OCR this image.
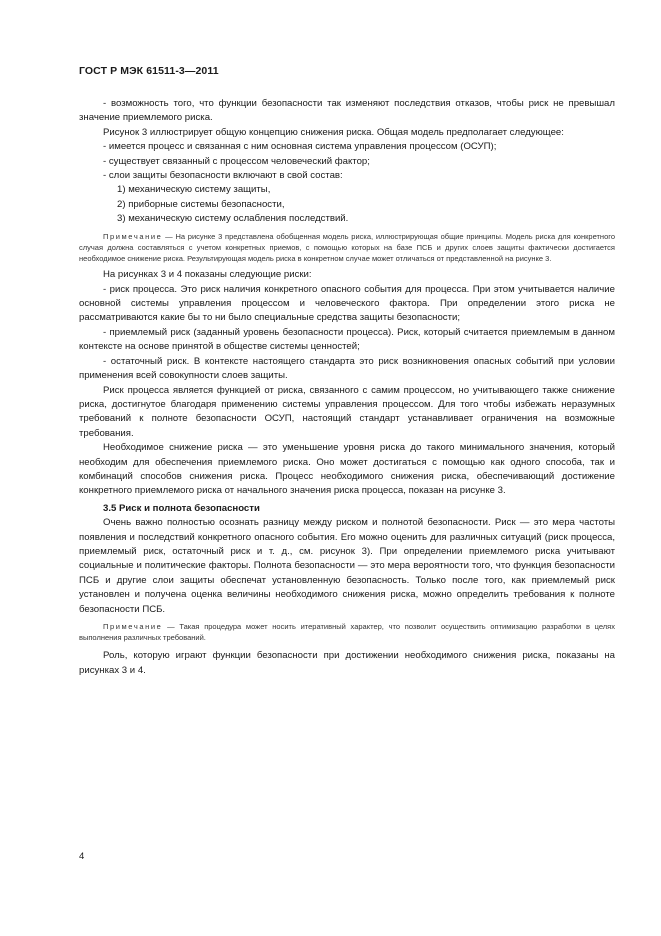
ГОСТ Р МЭК 61511-3—2011

- возможность того, что функции безопасности так изменяют последствия отказов, чтобы риск не превышал значение приемлемого риска.

Рисунок 3 иллюстрирует общую концепцию снижения риска. Общая модель предполагает следующее:

- имеется процесс и связанная с ним основная система управления процессом (ОСУП);

- существует связанный с процессом человеческий фактор;

- слои защиты безопасности включают в свой состав:

1) механическую систему защиты,

2) приборные системы безопасности,

3) механическую систему ослабления последствий.

Примечание — На рисунке 3 представлена обобщенная модель риска, иллюстрирующая общие принципы. Модель риска для конкретного случая должна составляться с учетом конкретных приемов, с помощью которых на базе ПСБ и других слоев защиты фактически достигается необходимое снижение риска. Результирующая модель риска в конкретном случае может отличаться от представленной на рисунке 3.

На рисунках 3 и 4 показаны следующие риски:

- риск процесса. Это риск наличия конкретного опасного события для процесса. При этом учитывается наличие основной системы управления процессом и человеческого фактора. При определении этого риска не рассматриваются какие бы то ни было специальные средства защиты безопасности;

- приемлемый риск (заданный уровень безопасности процесса). Риск, который считается приемлемым в данном контексте на основе принятой в обществе системы ценностей;

- остаточный риск. В контексте настоящего стандарта это риск возникновения опасных событий при условии применения всей совокупности слоев защиты.

Риск процесса является функцией от риска, связанного с самим процессом, но учитывающего также снижение риска, достигнутое благодаря применению системы управления процессом. Для того чтобы избежать неразумных требований к полноте безопасности ОСУП, настоящий стандарт устанавливает ограничения на возможные требования.

Необходимое снижение риска — это уменьшение уровня риска до такого минимального значения, который необходим для обеспечения приемлемого риска. Оно может достигаться с помощью как одного способа, так и комбинаций способов снижения риска. Процесс необходимого снижения риска, обеспечивающий достижение конкретного приемлемого риска от начального значения риска процесса, показан на рисунке 3.

3.5 Риск и полнота безопасности

Очень важно полностью осознать разницу между риском и полнотой безопасности. Риск — это мера частоты появления и последствий конкретного опасного события. Его можно оценить для различных ситуаций (риск процесса, приемлемый риск, остаточный риск и т. д., см. рисунок 3). При определении приемлемого риска учитывают социальные и политические факторы. Полнота безопасности — это мера вероятности того, что функция безопасности ПСБ и другие слои защиты обеспечат установленную безопасность. Только после того, как приемлемый риск установлен и получена оценка величины необходимого снижения риска, можно определить требования к полноте безопасности ПСБ.

Примечание — Такая процедура может носить итеративный характер, что позволит осуществить оптимизацию разработки в целях выполнения различных требований.

Роль, которую играют функции безопасности при достижении необходимого снижения риска, показаны на рисунках 3 и 4.

4
